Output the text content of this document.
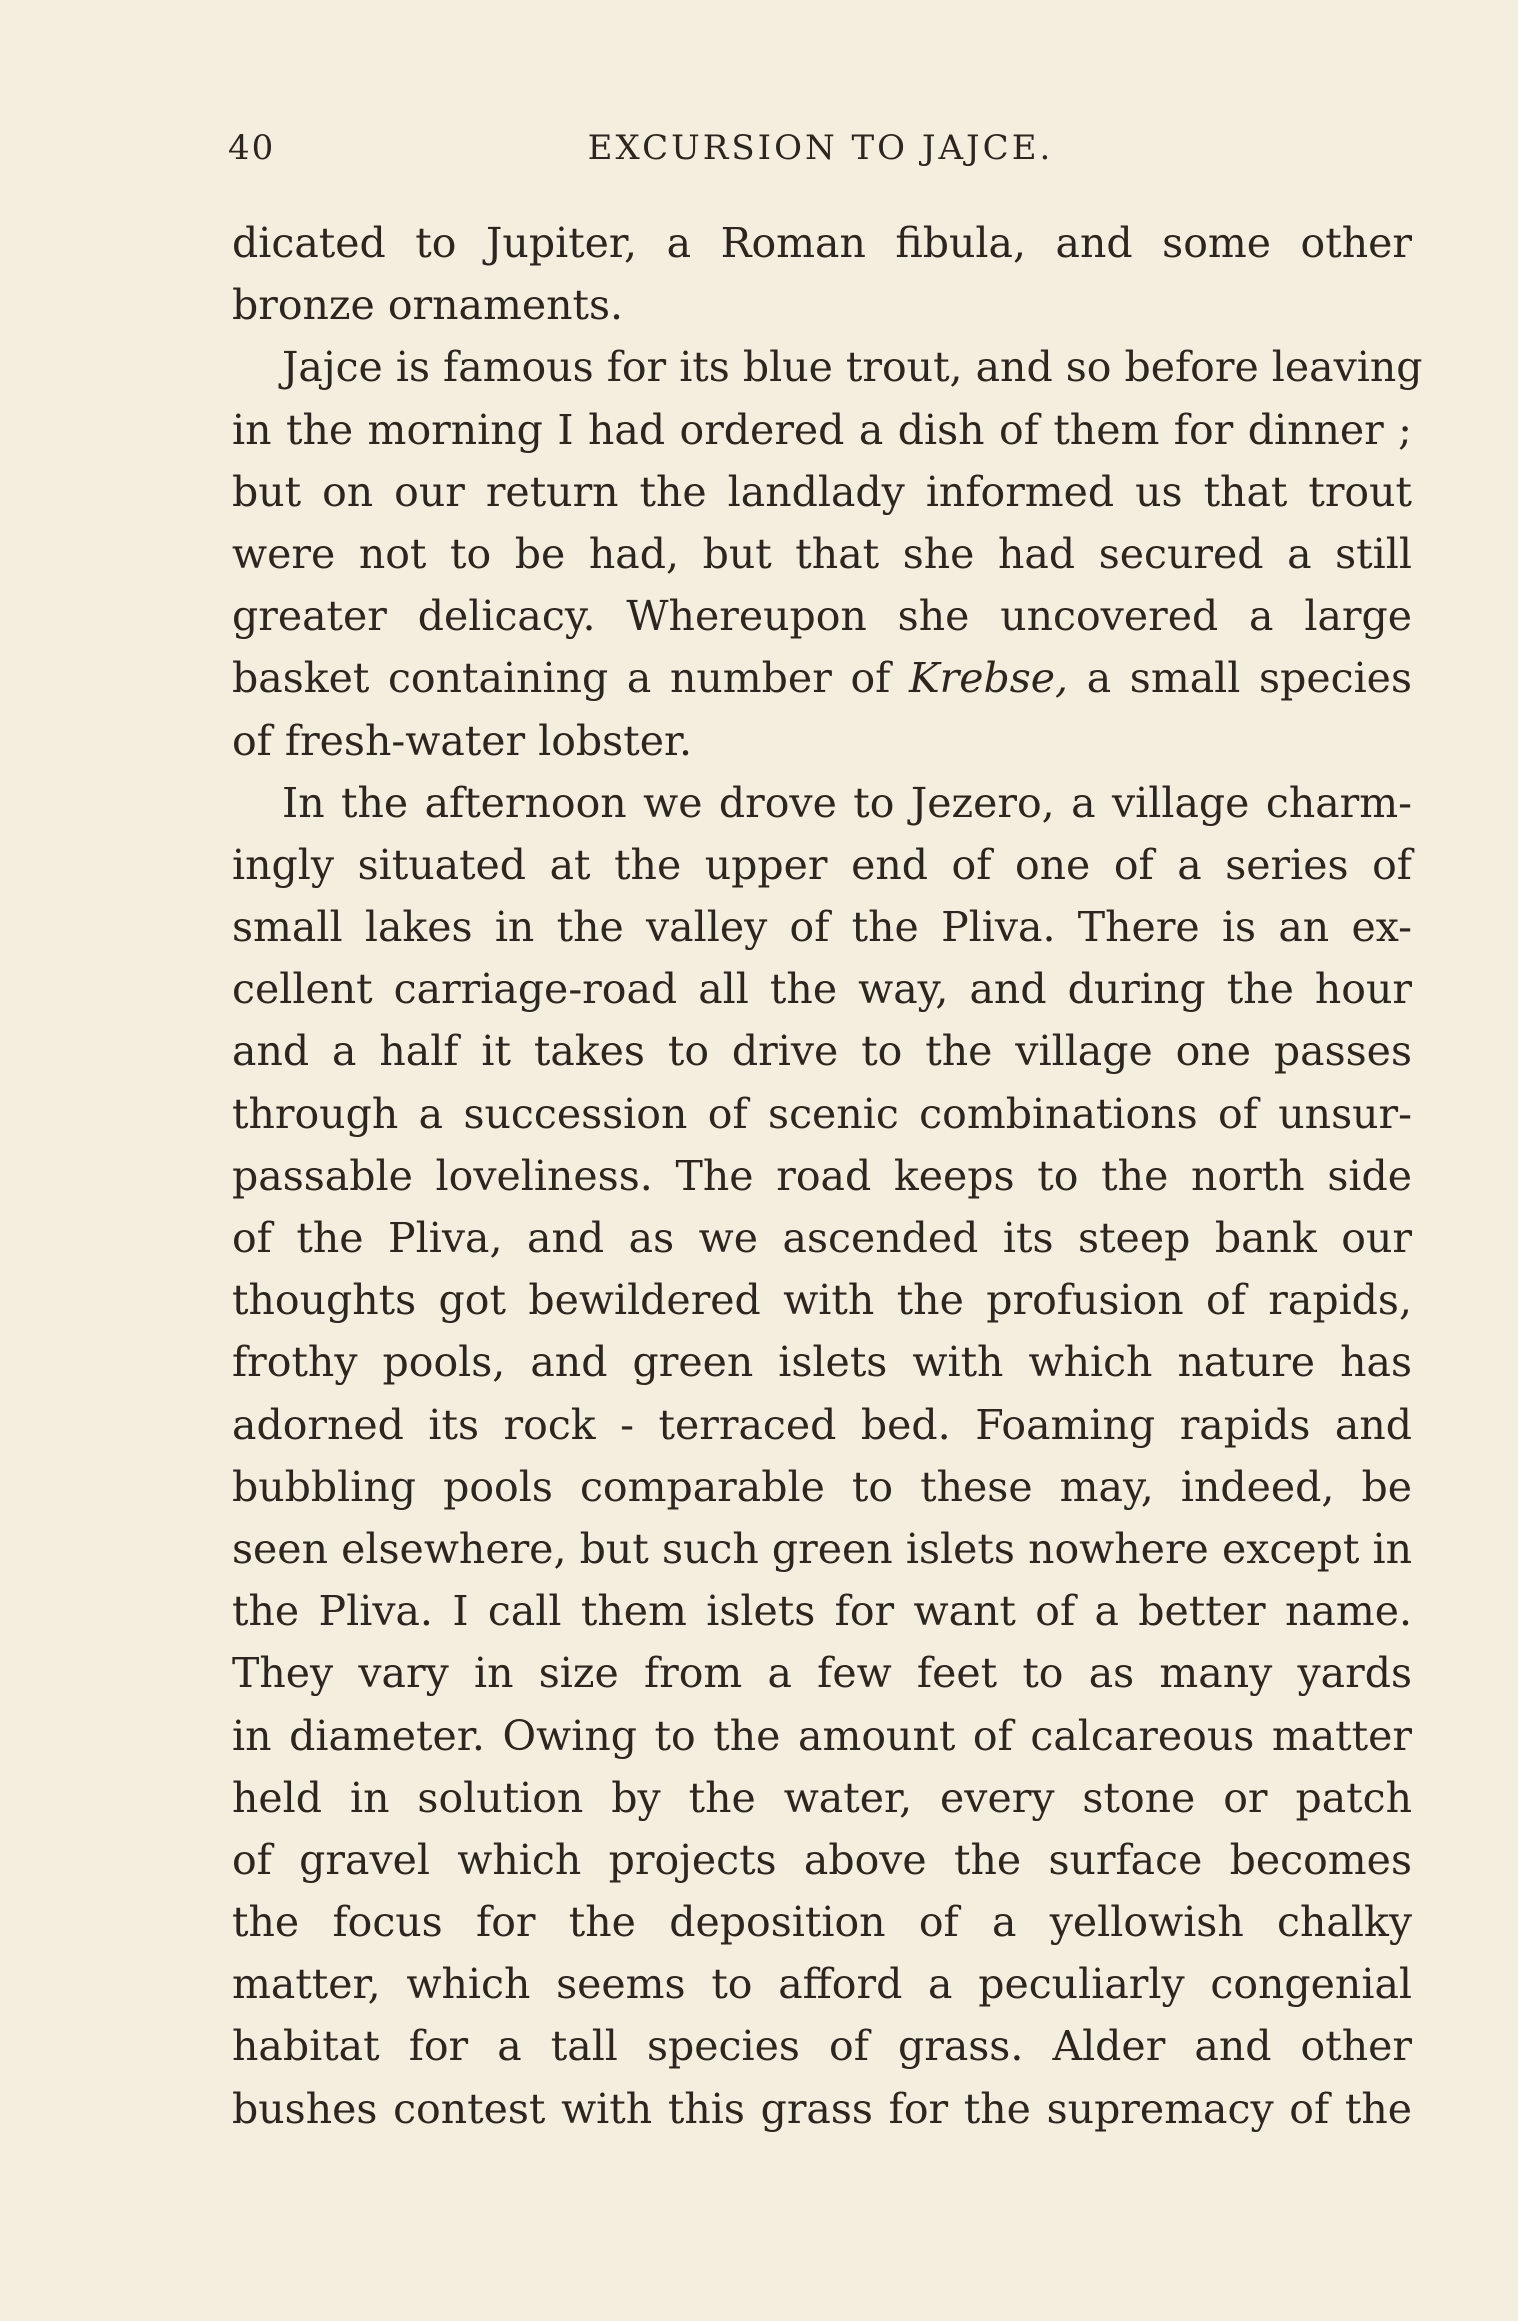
40	EXCURSION TO JAJCE.
dicated to Jupiter, a Roman fibula, and some other
bronze ornaments.
Jajce is famous for its blue trout, and so before leaving
in the morning I had ordered a dish of them for dinner ;
but on our return the landlady informed us that trout
were not to be had, but that she had secured a still
greater delicacy. Whereupon she uncovered a large
basket containing a number of Krebse, a small species
of fresh-water lobster.
In the afternoon we drove to Jezero, a village charm-
ingly situated at the upper end of one of a series of
small lakes in the valley of the Pliva. There is an ex-
cellent carriage-road all the way, and during the hour
and a half it takes to drive to the village one passes
through a succession of scenic combinations of unsur-
passable loveliness. The road keeps to the north side
of the Pliva, and as we ascended its steep bank our
thoughts got bewildered with the profusion of rapids,
frothy pools, and green islets with which nature has
adorned its rock - terraced bed. Foaming rapids and
bubbling pools comparable to these may, indeed, be
seen elsewhere, but such green islets nowhere except in
the Pliva. I call them islets for want of a better name.
They vary in size from a few feet to as many yards
in diameter. Owing to the amount of calcareous matter
held in solution by the water, every stone or patch
of gravel which projects above the surface becomes
the focus for the deposition of a yellowish chalky
matter, which seems to afford a peculiarly congenial
habitat for a tall species of grass. Alder and other
bushes contest with this grass for the supremacy of the
